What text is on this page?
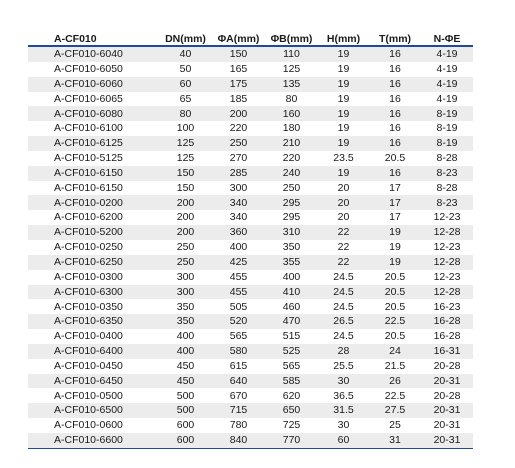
A-CF010	DN(mm)	ΦA(mm)	ΦB(mm)	H(mm)	T(mm)	N-ΦE
A-CF010-6040	40	150	110	19	16	4-19
A-CF010-6050	50	165	125	19	16	4-19
A-CF010-6060	60	175	135	19	16	4-19
A-CF010-6065	65	185	80	19	16	4-19
A-CF010-6080	80	200	160	19	16	8-19
A-CF010-6100	100	220	180	19	16	8-19
A-CF010-6125	125	250	210	19	16	8-19
A-CF010-5125	125	270	220	23.5	20.5	8-28
A-CF010-6150	150	285	240	19	16	8-23
A-CF010-6150	150	300	250	20	17	8-28
A-CF010-0200	200	340	295	20	17	8-23
A-CF010-6200	200	340	295	20	17	12-23
A-CF010-5200	200	360	310	22	19	12-28
A-CF010-0250	250	400	350	22	19	12-23
A-CF010-6250	250	425	355	22	19	12-28
A-CF010-0300	300	455	400	24.5	20.5	12-23
A-CF010-6300	300	455	410	24.5	20.5	12-28
A-CF010-0350	350	505	460	24.5	20.5	16-23
A-CF010-6350	350	520	470	26.5	22.5	16-28
A-CF010-0400	400	565	515	24.5	20.5	16-28
A-CF010-6400	400	580	525	28	24	16-31
A-CF010-0450	450	615	565	25.5	21.5	20-28
A-CF010-6450	450	640	585	30	26	20-31
A-CF010-0500	500	670	620	36.5	22.5	20-28
A-CF010-6500	500	715	650	31.5	27.5	20-31
A-CF010-0600	600	780	725	30	25	20-31
A-CF010-6600	600	840	770	60	31	20-31
